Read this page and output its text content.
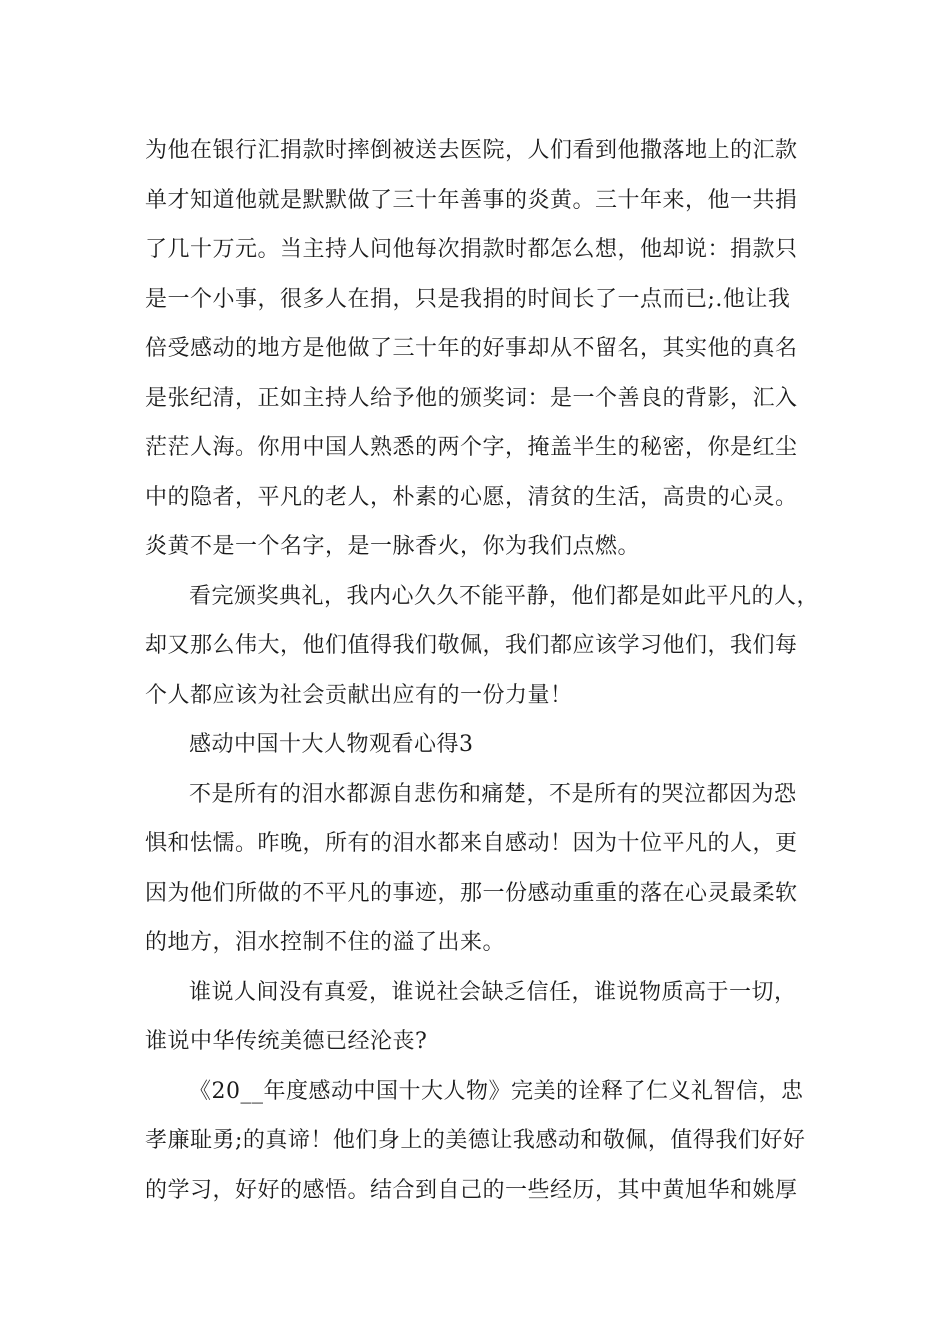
为他在银行汇捐款时摔倒被送去医院，人们看到他撒落地上的汇款
单才知道他就是默默做了三十年善事的炎黄。三十年来，他一共捐
了几十万元。当主持人问他每次捐款时都怎么想，他却说：捐款只
是一个小事，很多人在捐，只是我捐的时间长了一点而已;.他让我
倍受感动的地方是他做了三十年的好事却从不留名，其实他的真名
是张纪清，正如主持人给予他的颁奖词：是一个善良的背影，汇入
茫茫人海。你用中国人熟悉的两个字，掩盖半生的秘密，你是红尘
中的隐者，平凡的老人，朴素的心愿，清贫的生活，高贵的心灵。
炎黄不是一个名字，是一脉香火，你为我们点燃。
看完颁奖典礼，我内心久久不能平静，他们都是如此平凡的人，
却又那么伟大，他们值得我们敬佩，我们都应该学习他们，我们每
个人都应该为社会贡献出应有的一份力量！
感动中国十大人物观看心得3
不是所有的泪水都源自悲伤和痛楚，不是所有的哭泣都因为恐
惧和怯懦。昨晚，所有的泪水都来自感动！因为十位平凡的人，更
因为他们所做的不平凡的事迹，那一份感动重重的落在心灵最柔软
的地方，泪水控制不住的溢了出来。
谁说人间没有真爱，谁说社会缺乏信任，谁说物质高于一切，
谁说中华传统美德已经沦丧?
《20__年度感动中国十大人物》完美的诠释了仁义礼智信，忠
孝廉耻勇;的真谛！他们身上的美德让我感动和敬佩，值得我们好好
的学习，好好的感悟。结合到自己的一些经历，其中黄旭华和姚厚
